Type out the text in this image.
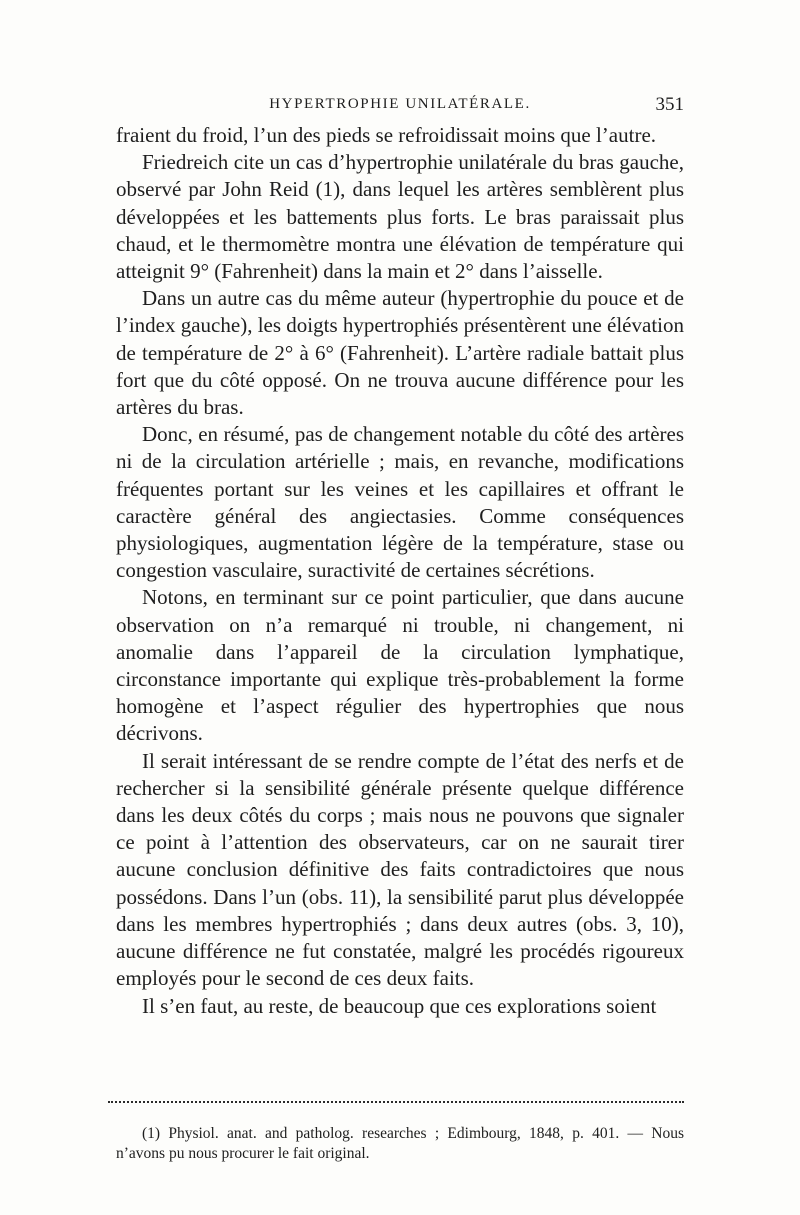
HYPERTROPHIE UNILATÉRALE.	351

fraient du froid, l’un des pieds se refroidissait moins que l’autre.

Friedreich cite un cas d’hypertrophie unilatérale du bras gauche, observé par John Reid (1), dans lequel les artères semblèrent plus développées et les battements plus forts. Le bras paraissait plus chaud, et le thermomètre montra une élévation de température qui atteignit 9° (Fahrenheit) dans la main et 2° dans l’aisselle.

Dans un autre cas du même auteur (hypertrophie du pouce et de l’index gauche), les doigts hypertrophiés présentèrent une élévation de température de 2° à 6° (Fahrenheit). L’artère radiale battait plus fort que du côté opposé. On ne trouva aucune différence pour les artères du bras.

Donc, en résumé, pas de changement notable du côté des artères ni de la circulation artérielle ; mais, en revanche, modifications fréquentes portant sur les veines et les capillaires et offrant le caractère général des angiectasies. Comme conséquences physiologiques, augmentation légère de la température, stase ou congestion vasculaire, suractivité de certaines sécrétions.

Notons, en terminant sur ce point particulier, que dans aucune observation on n’a remarqué ni trouble, ni changement, ni anomalie dans l’appareil de la circulation lymphatique, circonstance importante qui explique très-probablement la forme homogène et l’aspect régulier des hypertrophies que nous décrivons.

Il serait intéressant de se rendre compte de l’état des nerfs et de rechercher si la sensibilité générale présente quelque différence dans les deux côtés du corps ; mais nous ne pouvons que signaler ce point à l’attention des observateurs, car on ne saurait tirer aucune conclusion définitive des faits contradictoires que nous possédons. Dans l’un (obs. 11), la sensibilité parut plus développée dans les membres hypertrophiés ; dans deux autres (obs. 3, 10), aucune différence ne fut constatée, malgré les procédés rigoureux employés pour le second de ces deux faits.

Il s’en faut, au reste, de beaucoup que ces explorations soient

(1) Physiol. anat. and patholog. researches ; Edimbourg, 1848, p. 401. — Nous n’avons pu nous procurer le fait original.
